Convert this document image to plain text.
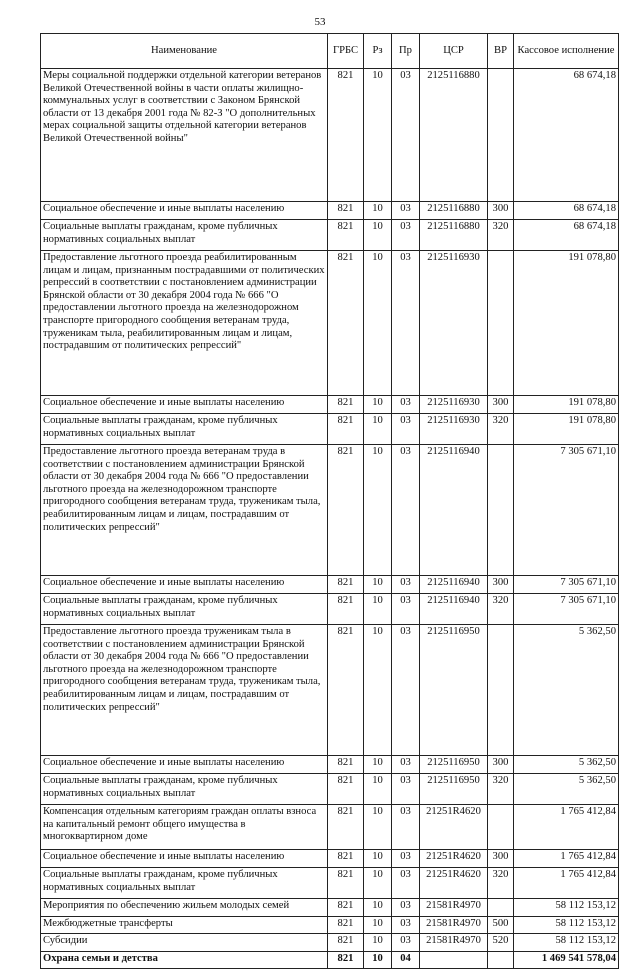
53
Наименование	ГРБС	Рз	Пр	ЦСР	ВР	Кассовое исполнение
Меры социальной поддержки отдельной категории ветеранов Великой Отечественной войны в части оплаты жилищно-коммунальных услуг в соответствии с Законом Брянской области от 13 декабря 2001 года № 82-З "О дополнительных мерах социальной защиты отдельной категории ветеранов Великой Отечественной войны"	821	10	03	2125116880		68 674,18
Социальное обеспечение и иные выплаты населению	821	10	03	2125116880	300	68 674,18
Социальные выплаты гражданам, кроме публичных нормативных социальных выплат	821	10	03	2125116880	320	68 674,18
Предоставление льготного проезда реабилитированным лицам и лицам, признанным пострадавшими от политических репрессий в соответствии с постановлением администрации Брянской области от 30 декабря 2004 года № 666 "О предоставлении льготного проезда на железнодорожном транспорте пригородного сообщения ветеранам труда, труженикам тыла, реабилитированным лицам и лицам, пострадавшим от политических репрессий"	821	10	03	2125116930		191 078,80
Социальное обеспечение и иные выплаты населению	821	10	03	2125116930	300	191 078,80
Социальные выплаты гражданам, кроме публичных нормативных социальных выплат	821	10	03	2125116930	320	191 078,80
Предоставление льготного проезда ветеранам труда в соответствии с постановлением администрации Брянской области от 30 декабря 2004 года № 666 "О предоставлении льготного проезда на железнодорожном транспорте пригородного сообщения ветеранам труда, труженикам тыла, реабилитированным лицам и лицам, пострадавшим от политических репрессий"	821	10	03	2125116940		7 305 671,10
Социальное обеспечение и иные выплаты населению	821	10	03	2125116940	300	7 305 671,10
Социальные выплаты гражданам, кроме публичных нормативных социальных выплат	821	10	03	2125116940	320	7 305 671,10
Предоставление льготного проезда труженикам тыла в соответствии с постановлением администрации Брянской области от 30 декабря 2004 года № 666 "О предоставлении льготного проезда на железнодорожном транспорте пригородного сообщения ветеранам труда, труженикам тыла, реабилитированным лицам и лицам, пострадавшим от политических репрессий"	821	10	03	2125116950		5 362,50
Социальное обеспечение и иные выплаты населению	821	10	03	2125116950	300	5 362,50
Социальные выплаты гражданам, кроме публичных нормативных социальных выплат	821	10	03	2125116950	320	5 362,50
Компенсация отдельным категориям граждан оплаты взноса на капитальный ремонт общего имущества в многоквартирном доме	821	10	03	21251R4620		1 765 412,84
Социальное обеспечение и иные выплаты населению	821	10	03	21251R4620	300	1 765 412,84
Социальные выплаты гражданам, кроме публичных нормативных социальных выплат	821	10	03	21251R4620	320	1 765 412,84
Мероприятия по обеспечению жильем молодых семей	821	10	03	21581R4970		58 112 153,12
Межбюджетные трансферты	821	10	03	21581R4970	500	58 112 153,12
Субсидии	821	10	03	21581R4970	520	58 112 153,12
Охрана семьи и детства	821	10	04			1 469 541 578,04
